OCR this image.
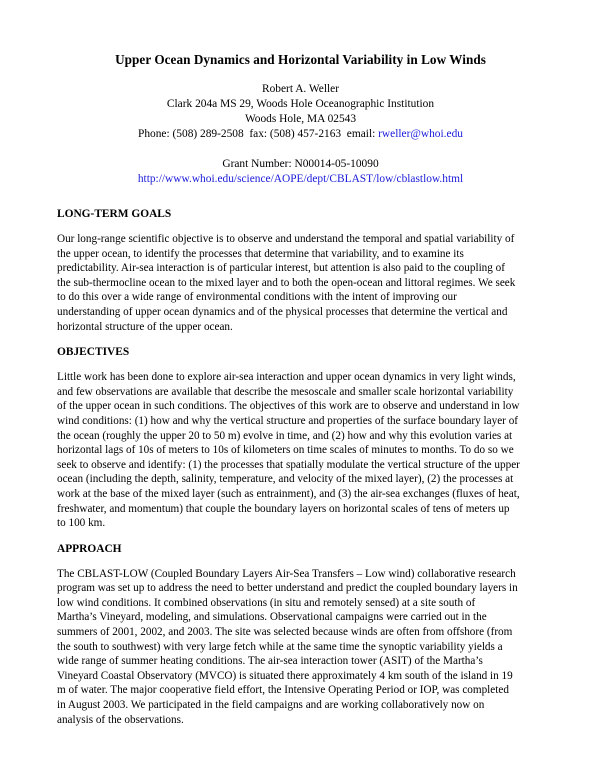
Upper Ocean Dynamics and Horizontal Variability in Low Winds
Robert A. Weller
Clark 204a MS 29, Woods Hole Oceanographic Institution
Woods Hole, MA 02543
Phone: (508) 289-2508  fax: (508) 457-2163  email: rweller@whoi.edu
Grant Number: N00014-05-10090
http://www.whoi.edu/science/AOPE/dept/CBLAST/low/cblastlow.html
LONG-TERM GOALS

Our long-range scientific objective is to observe and understand the temporal and spatial variability of
the upper ocean, to identify the processes that determine that variability, and to examine its
predictability. Air-sea interaction is of particular interest, but attention is also paid to the coupling of
the sub-thermocline ocean to the mixed layer and to both the open-ocean and littoral regimes. We seek
to do this over a wide range of environmental conditions with the intent of improving our
understanding of upper ocean dynamics and of the physical processes that determine the vertical and
horizontal structure of the upper ocean.

OBJECTIVES

Little work has been done to explore air-sea interaction and upper ocean dynamics in very light winds,
and few observations are available that describe the mesoscale and smaller scale horizontal variability
of the upper ocean in such conditions. The objectives of this work are to observe and understand in low
wind conditions: (1) how and why the vertical structure and properties of the surface boundary layer of
the ocean (roughly the upper 20 to 50 m) evolve in time, and (2) how and why this evolution varies at
horizontal lags of 10s of meters to 10s of kilometers on time scales of minutes to months. To do so we
seek to observe and identify: (1) the processes that spatially modulate the vertical structure of the upper
ocean (including the depth, salinity, temperature, and velocity of the mixed layer), (2) the processes at
work at the base of the mixed layer (such as entrainment), and (3) the air-sea exchanges (fluxes of heat,
freshwater, and momentum) that couple the boundary layers on horizontal scales of tens of meters up
to 100 km.

APPROACH

The CBLAST-LOW (Coupled Boundary Layers Air-Sea Transfers – Low wind) collaborative research
program was set up to address the need to better understand and predict the coupled boundary layers in
low wind conditions. It combined observations (in situ and remotely sensed) at a site south of
Martha’s Vineyard, modeling, and simulations. Observational campaigns were carried out in the
summers of 2001, 2002, and 2003. The site was selected because winds are often from offshore (from
the south to southwest) with very large fetch while at the same time the synoptic variability yields a
wide range of summer heating conditions. The air-sea interaction tower (ASIT) of the Martha’s
Vineyard Coastal Observatory (MVCO) is situated there approximately 4 km south of the island in 19
m of water. The major cooperative field effort, the Intensive Operating Period or IOP, was completed
in August 2003. We participated in the field campaigns and are working collaboratively now on
analysis of the observations.
